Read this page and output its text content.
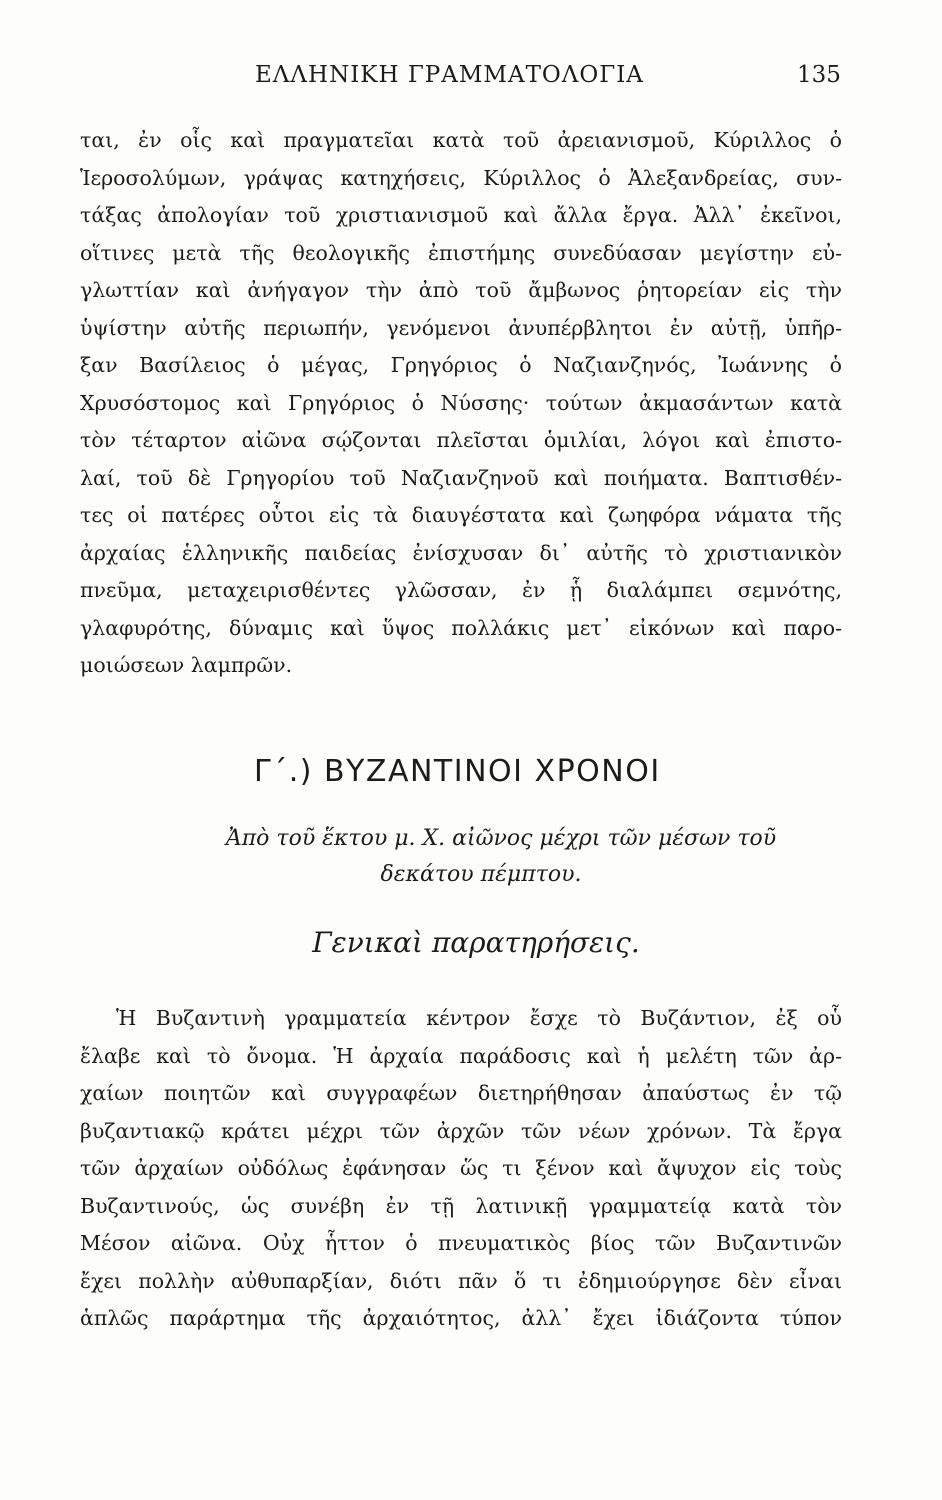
ΕΛΛΗΝΙΚΗ ΓΡΑΜΜΑΤΟΛΟΓΙΑ	135
ται, ἐν οἷς καὶ πραγματεῖαι κατὰ τοῦ ἀρειανισμοῦ, Κύριλλος ὁ
Ἱεροσολύμων, γράψας κατηχήσεις, Κύριλλος ὁ Ἀλεξανδρείας, συν-
τάξας ἀπολογίαν τοῦ χριστιανισμοῦ καὶ ἄλλα ἔργα. Ἀλλ᾽ ἐκεῖνοι,
οἵτινες μετὰ τῆς θεολογικῆς ἐπιστήμης συνεδύασαν μεγίστην εὐ-
γλωττίαν καὶ ἀνήγαγον τὴν ἀπὸ τοῦ ἄμβωνος ῥητορείαν εἰς τὴν
ὑψίστην αὐτῆς περιωπήν, γενόμενοι ἀνυπέρβλητοι ἐν αὐτῇ, ὑπῆρ-
ξαν Βασίλειος ὁ μέγας, Γρηγόριος ὁ Ναζιανζηνός, Ἰωάννης ὁ
Χρυσόστομος καὶ Γρηγόριος ὁ Νύσσης· τούτων ἀκμασάντων κατὰ
τὸν τέταρτον αἰῶνα σῴζονται πλεῖσται ὁμιλίαι, λόγοι καὶ ἐπιστο-
λαί, τοῦ δὲ Γρηγορίου τοῦ Ναζιανζηνοῦ καὶ ποιήματα. Βαπτισθέν-
τες οἱ πατέρες οὗτοι εἰς τὰ διαυγέστατα καὶ ζωηφόρα νάματα τῆς
ἀρχαίας ἑλληνικῆς παιδείας ἐνίσχυσαν δι᾽ αὐτῆς τὸ χριστιανικὸν
πνεῦμα, μεταχειρισθέντες γλῶσσαν, ἐν ᾗ διαλάμπει σεμνότης,
γλαφυρότης, δύναμις καὶ ὕψος πολλάκις μετ᾽ εἰκόνων καὶ παρο-
μοιώσεων λαμπρῶν.
Γ΄.) ΒΥΖΑΝΤΙΝΟΙ ΧΡΟΝΟΙ
Ἀπὸ τοῦ ἕκτου μ. Χ. αἰῶνος μέχρι τῶν μέσων τοῦ
δεκάτου πέμπτου.
Γενικαὶ παρατηρήσεις.
Ἡ Βυζαντινὴ γραμματεία κέντρον ἔσχε τὸ Βυζάντιον, ἐξ οὗ
ἔλαβε καὶ τὸ ὄνομα. Ἡ ἀρχαία παράδοσις καὶ ἡ μελέτη τῶν ἀρ-
χαίων ποιητῶν καὶ συγγραφέων διετηρήθησαν ἀπαύστως ἐν τῷ
βυζαντιακῷ κράτει μέχρι τῶν ἀρχῶν τῶν νέων χρόνων. Τὰ ἔργα
τῶν ἀρχαίων οὐδόλως ἐφάνησαν ὥς τι ξένον καὶ ἄψυχον εἰς τοὺς
Βυζαντινούς, ὡς συνέβη ἐν τῇ λατινικῇ γραμματείᾳ κατὰ τὸν
Μέσον αἰῶνα. Οὐχ ἧττον ὁ πνευματικὸς βίος τῶν Βυζαντινῶν
ἔχει πολλὴν αὐθυπαρξίαν, διότι πᾶν ὅ τι ἐδημιούργησε δὲν εἶναι
ἁπλῶς παράρτημα τῆς ἀρχαιότητος, ἀλλ᾽ ἔχει ἰδιάζοντα τύπον
